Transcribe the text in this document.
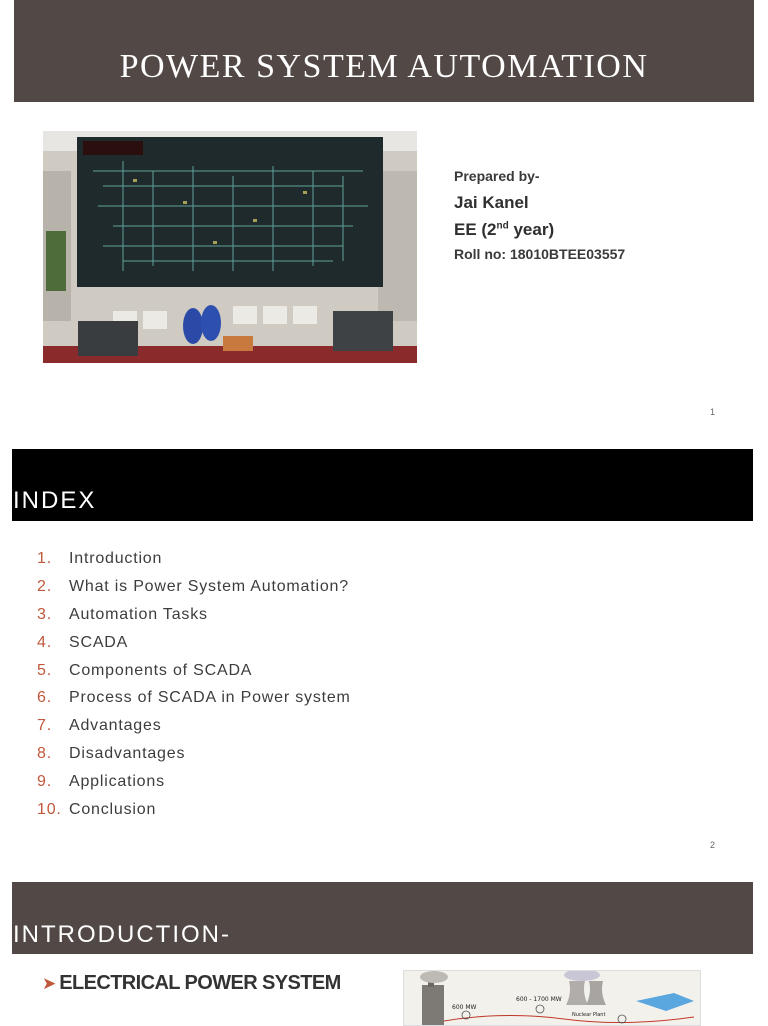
POWER SYSTEM AUTOMATION
Prepared by-
Jai Kanel
EE (2nd year)
Roll no: 18010BTEE03557
1
INDEX
1.	Introduction
2.	What is Power System Automation?
3.	Automation Tasks
4.	SCADA
5.	Components of SCADA
6.	Process of SCADA in Power system
7.	Advantages
8.	Disadvantages
9.	Applications
10. Conclusion
2
INTRODUCTION-
➤ ELECTRICAL POWER SYSTEM
600 MW
600 - 1700 MW
Nuclear Plant
